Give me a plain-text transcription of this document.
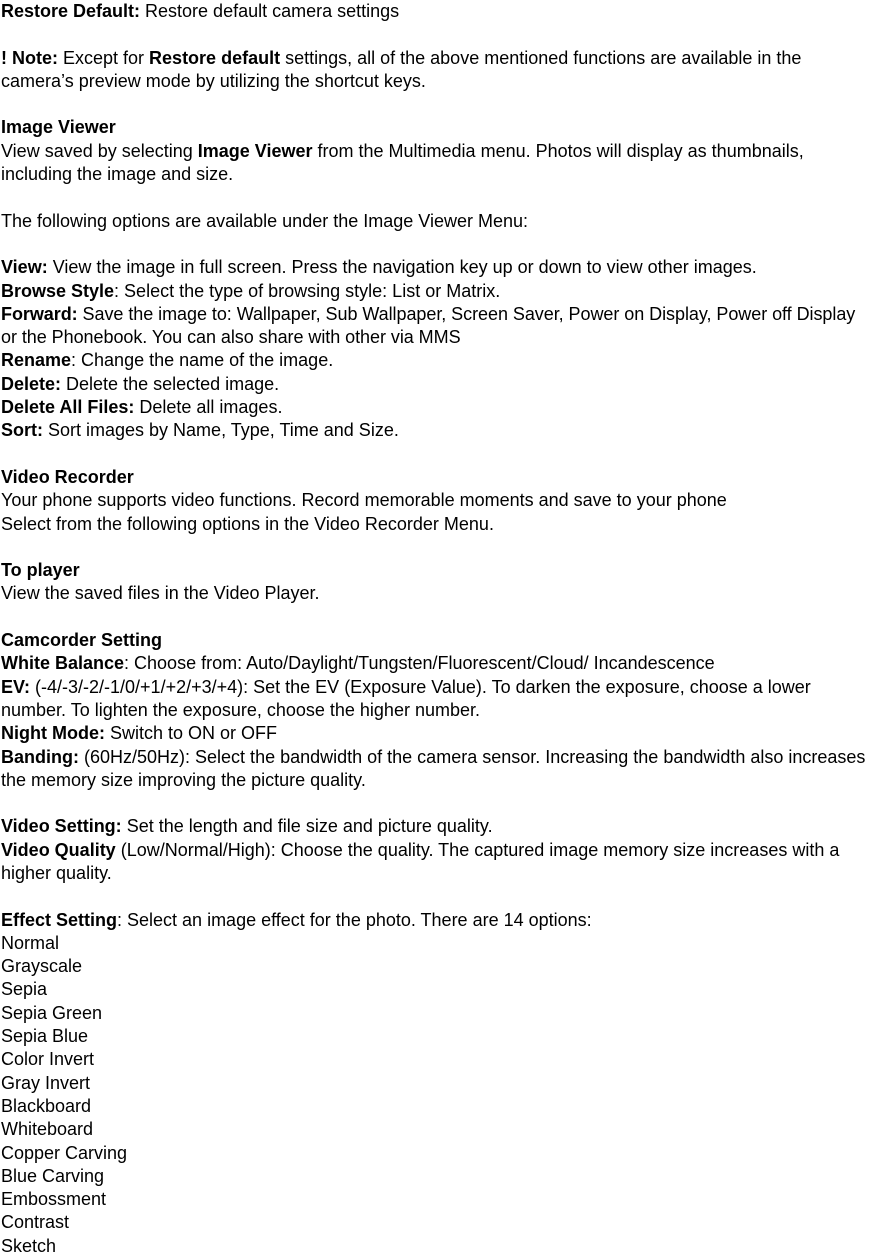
Restore Default: Restore default camera settings

! Note: Except for Restore default settings, all of the above mentioned functions are available in the camera’s preview mode by utilizing the shortcut keys.

Image Viewer

View saved by selecting Image Viewer from the Multimedia menu. Photos will display as thumbnails, including the image and size.

The following options are available under the Image Viewer Menu:

View: View the image in full screen. Press the navigation key up or down to view other images.

Browse Style: Select the type of browsing style: List or Matrix.

Forward: Save the image to: Wallpaper, Sub Wallpaper, Screen Saver, Power on Display, Power off Display or the Phonebook. You can also share with other via MMS

Rename: Change the name of the image.

Delete: Delete the selected image.

Delete All Files: Delete all images.

Sort: Sort images by Name, Type, Time and Size.

Video Recorder

Your phone supports video functions. Record memorable moments and save to your phone

Select from the following options in the Video Recorder Menu.

To player

View the saved files in the Video Player.

Camcorder Setting

White Balance: Choose from: Auto/Daylight/Tungsten/Fluorescent/Cloud/ Incandescence

EV: (-4/-3/-2/-1/0/+1/+2/+3/+4): Set the EV (Exposure Value). To darken the exposure, choose a lower number. To lighten the exposure, choose the higher number.

Night Mode: Switch to ON or OFF

Banding: (60Hz/50Hz): Select the bandwidth of the camera sensor. Increasing the bandwidth also increases the memory size improving the picture quality.

Video Setting: Set the length and file size and picture quality.

Video Quality (Low/Normal/High): Choose the quality. The captured image memory size increases with a higher quality.

Effect Setting: Select an image effect for the photo. There are 14 options:

Normal

Grayscale

Sepia

Sepia Green

Sepia Blue

Color Invert

Gray Invert

Blackboard

Whiteboard

Copper Carving

Blue Carving

Embossment

Contrast

Sketch
